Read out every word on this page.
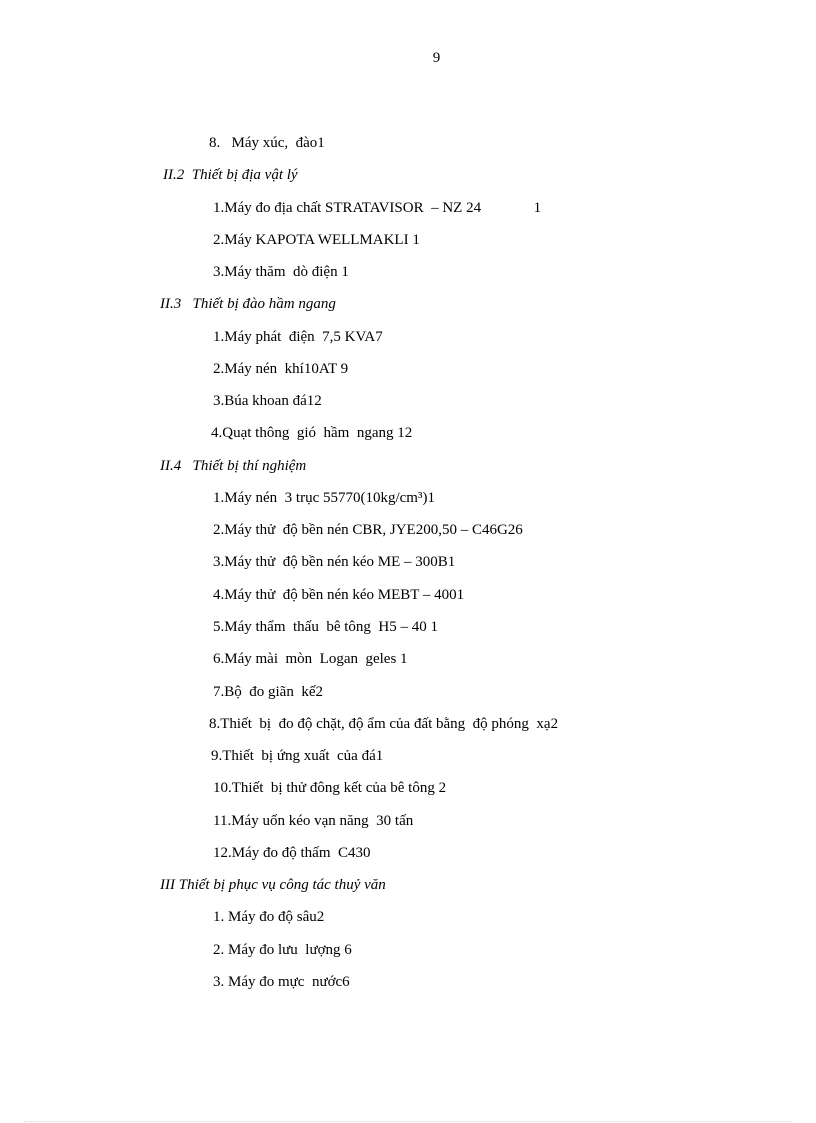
9
8.   Máy xúc,  đào1
II.2  Thiết bị địa vật lý
1.Máy đo địa chất STRATAVISOR  – NZ 24              1
2.Máy KAPOTA WELLMAKLI 1
3.Máy thăm  dò điện 1
II.3   Thiết bị đào hầm ngang
1.Máy phát  điện  7,5 KVA7
2.Máy nén  khí10AT 9
3.Búa khoan đá12
4.Quạt thông  gió  hầm  ngang 12
II.4   Thiết bị thí nghiệm
1.Máy nén  3 trục 55770(10kg/cm³)1
2.Máy thử  độ bền nén CBR, JYE200,50 – C46G26
3.Máy thử  độ bền nén kéo ME – 300B1
4.Máy thử  độ bền nén kéo MEBT – 4001
5.Máy thẩm  thấu  bê tông  H5 – 40 1
6.Máy mài  mòn  Logan  geles 1
7.Bộ  đo giãn  kế2
8.Thiết  bị  đo độ chặt, độ ẩm của đất bằng  độ phóng  xạ2
9.Thiết  bị ứng xuất  của đá1
10.Thiết  bị thử đông kết của bê tông 2
11.Máy uốn kéo vạn năng  30 tấn
12.Máy đo độ thấm  C430
III Thiết bị phục vụ công tác thuỷ văn
1. Máy đo độ sâu2
2. Máy đo lưu  lượng 6
3. Máy đo mực  nước6
